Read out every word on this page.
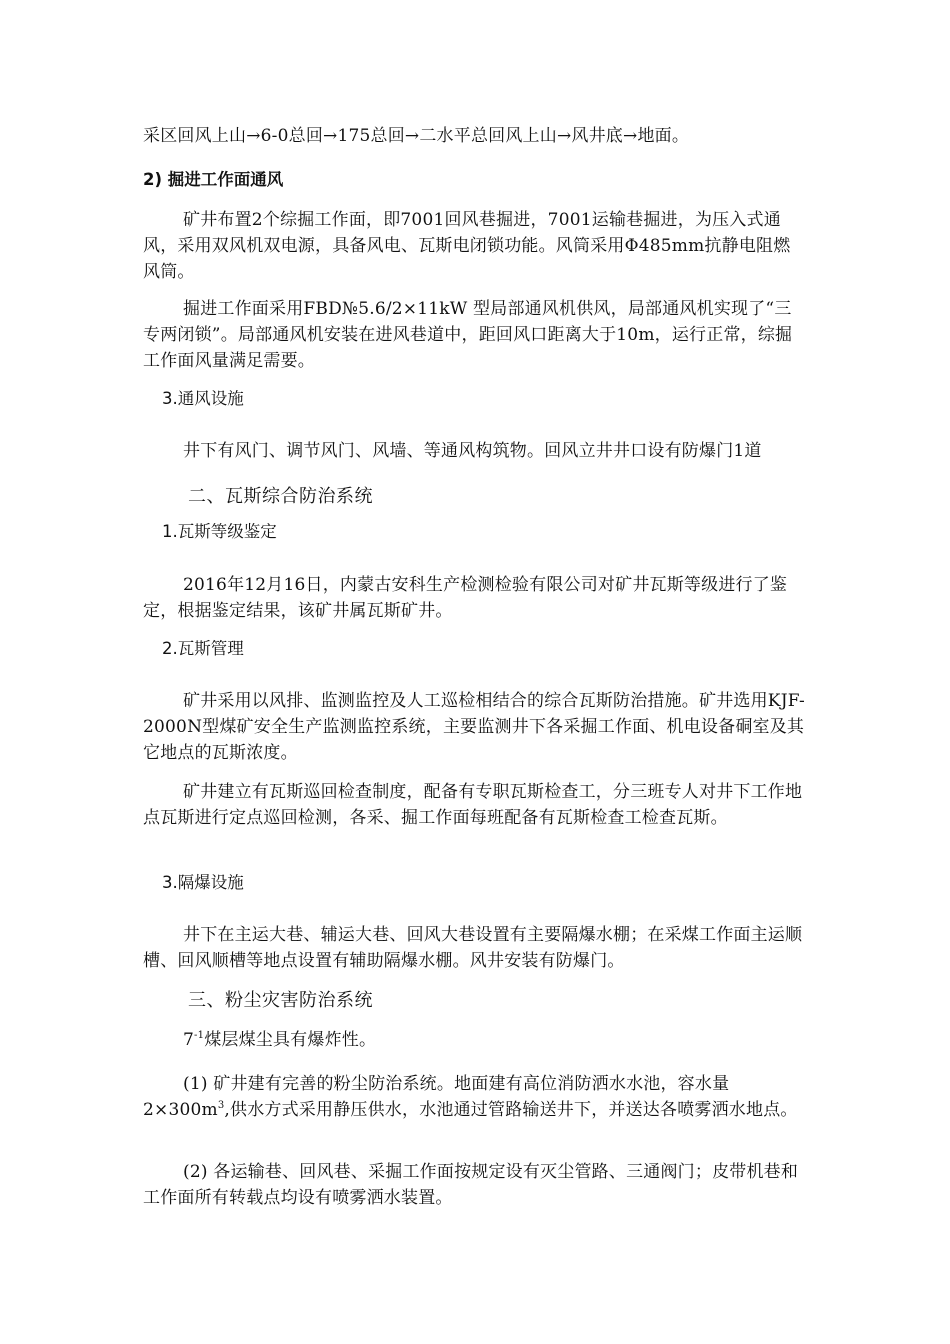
采区回风上山→6-0总回→175总回→二水平总回风上山→风井底→地面。

2) 掘进工作面通风

矿井布置2个综掘工作面，即7001回风巷掘进，7001运输巷掘进，为压入式通风，采用双风机双电源，具备风电、瓦斯电闭锁功能。风筒采用Φ485mm抗静电阻燃风筒。

掘进工作面采用FBD№5.6/2×11kW 型局部通风机供风，局部通风机实现了“三专两闭锁”。局部通风机安装在进风巷道中，距回风口距离大于10m，运行正常，综掘工作面风量满足需要。

3.通风设施

井下有风门、调节风门、风墙、等通风构筑物。回风立井井口设有防爆门1道

二、瓦斯综合防治系统

1.瓦斯等级鉴定

2016年12月16日，内蒙古安科生产检测检验有限公司对矿井瓦斯等级进行了鉴定，根据鉴定结果，该矿井属瓦斯矿井。

2.瓦斯管理

矿井采用以风排、监测监控及人工巡检相结合的综合瓦斯防治措施。矿井选用KJF-2000N型煤矿安全生产监测监控系统，主要监测井下各采掘工作面、机电设备硐室及其它地点的瓦斯浓度。

矿井建立有瓦斯巡回检查制度，配备有专职瓦斯检查工，分三班专人对井下工作地点瓦斯进行定点巡回检测，各采、掘工作面每班配备有瓦斯检查工检查瓦斯。

3.隔爆设施

井下在主运大巷、辅运大巷、回风大巷设置有主要隔爆水棚；在采煤工作面主运顺槽、回风顺槽等地点设置有辅助隔爆水棚。风井安装有防爆门。

三、粉尘灾害防治系统

$7^{-1}$煤层煤尘具有爆炸性。

(1) 矿井建有完善的粉尘防治系统。地面建有高位消防洒水水池，容水量$2\times 300m^3$,供水方式采用静压供水，水池通过管路输送井下，并送达各喷雾洒水地点。

(2) 各运输巷、回风巷、采掘工作面按规定设有灭尘管路、三通阀门；皮带机巷和工作面所有转载点均设有喷雾洒水装置。
